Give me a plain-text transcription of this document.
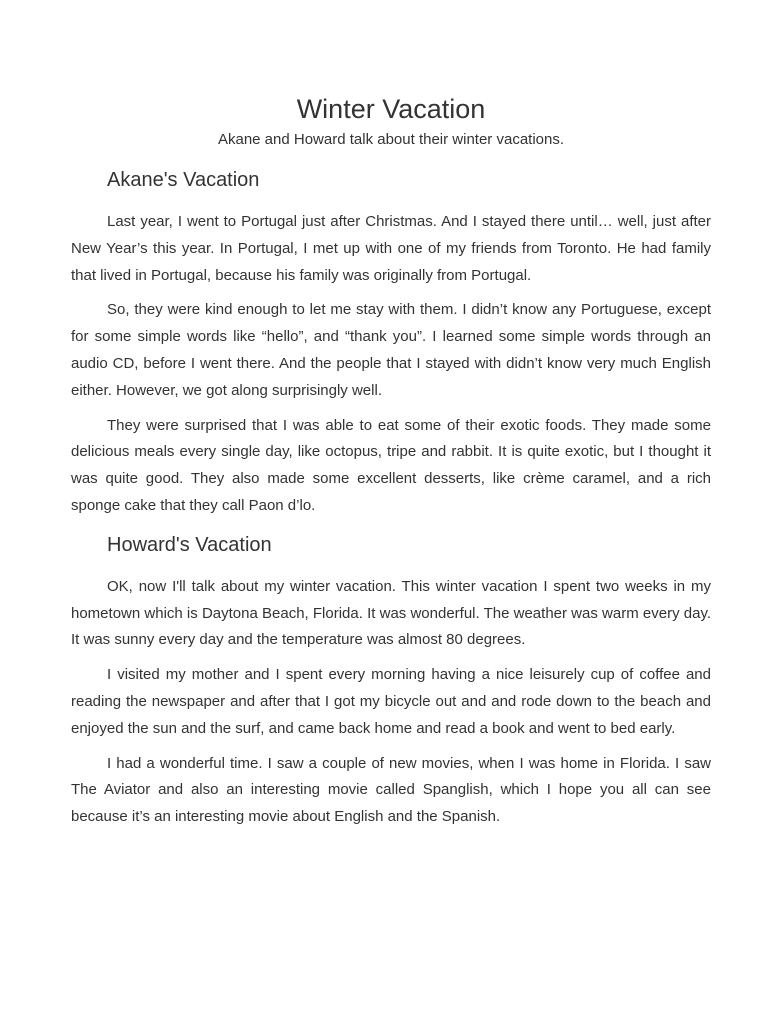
Winter Vacation

Akane and Howard talk about their winter vacations.

Akane's Vacation

Last year, I went to Portugal just after Christmas. And I stayed there until… well, just after New Year’s this year. In Portugal, I met up with one of my friends from Toronto. He had family that lived in Portugal, because his family was originally from Portugal.

So, they were kind enough to let me stay with them. I didn’t know any Portuguese, except for some simple words like “hello”, and “thank you”. I learned some simple words through an audio CD, before I went there. And the people that I stayed with didn’t know very much English either. However, we got along surprisingly well.

They were surprised that I was able to eat some of their exotic foods. They made some delicious meals every single day, like octopus, tripe and rabbit. It is quite exotic, but I thought it was quite good. They also made some excellent desserts, like crème caramel, and a rich sponge cake that they call Paon d’lo.

Howard's Vacation

OK, now I'll talk about my winter vacation. This winter vacation I spent two weeks in my hometown which is Daytona Beach, Florida. It was wonderful. The weather was warm every day. It was sunny every day and the temperature was almost 80 degrees.

I visited my mother and I spent every morning having a nice leisurely cup of coffee and reading the newspaper and after that I got my bicycle out and and rode down to the beach and enjoyed the sun and the surf, and came back home and read a book and went to bed early.

I had a wonderful time. I saw a couple of new movies, when I was home in Florida. I saw The Aviator and also an interesting movie called Spanglish, which I hope you all can see because it’s an interesting movie about English and the Spanish.
